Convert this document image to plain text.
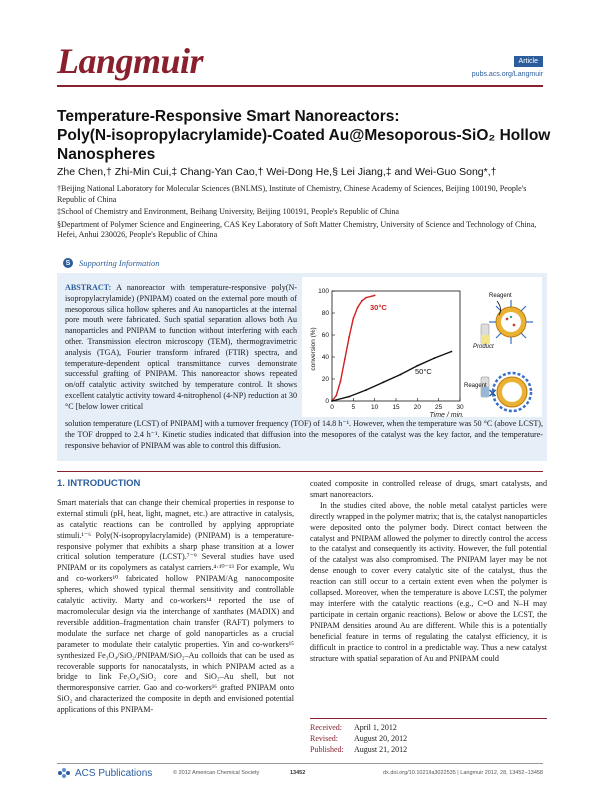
Langmuir	Article
pubs.acs.org/Langmuir
Temperature-Responsive Smart Nanoreactors:
Poly(N-isopropylacrylamide)-Coated Au@Mesoporous-SiO₂ Hollow
Nanospheres
Zhe Chen,† Zhi-Min Cui,‡ Chang-Yan Cao,† Wei-Dong He,§ Lei Jiang,‡ and Wei-Guo Song*,†

†Beijing National Laboratory for Molecular Sciences (BNLMS), Institute of Chemistry, Chinese Academy of Sciences, Beijing 100190, People's Republic of China

‡School of Chemistry and Environment, Beihang University, Beijing 100191, People's Republic of China

§Department of Polymer Science and Engineering, CAS Key Laboratory of Soft Matter Chemistry, University of Science and Technology of China, Hefei, Anhui 230026, People's Republic of China

S	Supporting Information
ABSTRACT: A nanoreactor with temperature-responsive poly(N-isopropylacrylamide) (PNIPAM) coated on the external pore mouth of mesoporous silica hollow spheres and Au nanoparticles at the internal pore mouth were fabricated. Such spatial separation allows both Au nanoparticles and PNIPAM to function without interfering with each other. Transmission electron microscopy (TEM), thermogravimetric analysis (TGA), Fourier transform infrared (FTIR) spectra, and temperature-dependent optical transmittance curves demonstrate successful grafting of PNIPAM. This nanoreactor shows repeated on/off catalytic activity switched by temperature control. It shows excellent catalytic activity toward 4-nitrophenol (4-NP) reduction at 30 °C [below lower critical	0	5 10 15 20 25 30
0
20
40
60
80
100
conversion (%)
Time / min.
30°C
50°C
Reagent
Product
Reagent
✕
solution temperature (LCST) of PNIPAM] with a turnover frequency (TOF) of 14.8 h⁻¹. However, when the temperature was 50 °C (above LCST), the TOF dropped to 2.4 h⁻¹. Kinetic studies indicated that diffusion into the mesopores of the catalyst was the key factor, and the temperature-responsive behavior of PNIPAM was able to control this diffusion.
1. INTRODUCTION

Smart materials that can change their chemical properties in response to external stimuli (pH, heat, light, magnet, etc.) are attractive in catalysis, as catalytic reactions can be controlled by applying appropriate stimuli.¹⁻⁶ Poly(N-isopropylacrylamide) (PNIPAM) is a temperature-responsive polymer that exhibits a sharp phase transition at a lower critical solution temperature (LCST).⁷⁻⁹ Several studies have used PNIPAM or its copolymers as catalyst carriers.⁴·¹⁰⁻¹³ For example, Wu and co-workers¹⁰ fabricated hollow PNIPAM/Ag nanocomposite spheres, which showed typical thermal sensitivity and controllable catalytic activity. Marty and co-workers¹⁴ reported the use of macromolecular design via the interchange of xanthates (MADIX) and reversible addition–fragmentation chain transfer (RAFT) polymers to modulate the surface net charge of gold nanoparticles as a crucial parameter to modulate their catalytic properties. Yin and co-workers¹⁵ synthesized Fe₃O₄/SiO₂/PNIPAM/SiO₂–Au colloids that can be used as recoverable supports for nanocatalysts, in which PNIPAM acted as a bridge to link Fe₃O₄/SiO₂ core and SiO₂–Au shell, but not thermoresponsive carrier. Gao and co-workers¹⁶ grafted PNIPAM onto SiO₂ and characterized the composite in depth and envisioned potential applications of this PNIPAM-

coated composite in controlled release of drugs, smart catalysts, and smart nanoreactors.

In the studies cited above, the noble metal catalyst particles were directly wrapped in the polymer matrix; that is, the catalyst nanoparticles were deposited onto the polymer body. Direct contact between the catalyst and PNIPAM allowed the polymer to directly control the access to the catalyst and consequently its activity. However, the full potential of the catalyst was also compromised. The PNIPAM layer may be not dense enough to cover every catalytic site of the catalyst, thus the reaction can still occur to a certain extent even when the polymer is collapsed. Moreover, when the temperature is above LCST, the polymer may interfere with the catalytic reactions (e.g., C=O and N–H may participate in certain organic reactions). Below or above the LCST, the PNIPAM densities around Au are different. While this is a potentially beneficial feature in terms of regulating the catalyst efficiency, it is difficult in practice to control in a predictable way. Thus a new catalyst structure with spatial separation of Au and PNIPAM could

Received: April 1, 2012
Revised: August 20, 2012
Published: August 21, 2012
ACS Publications	© 2012 American Chemical Society	13452	dx.doi.org/10.1021/la3022535 | Langmuir 2012, 28, 13452−13458
